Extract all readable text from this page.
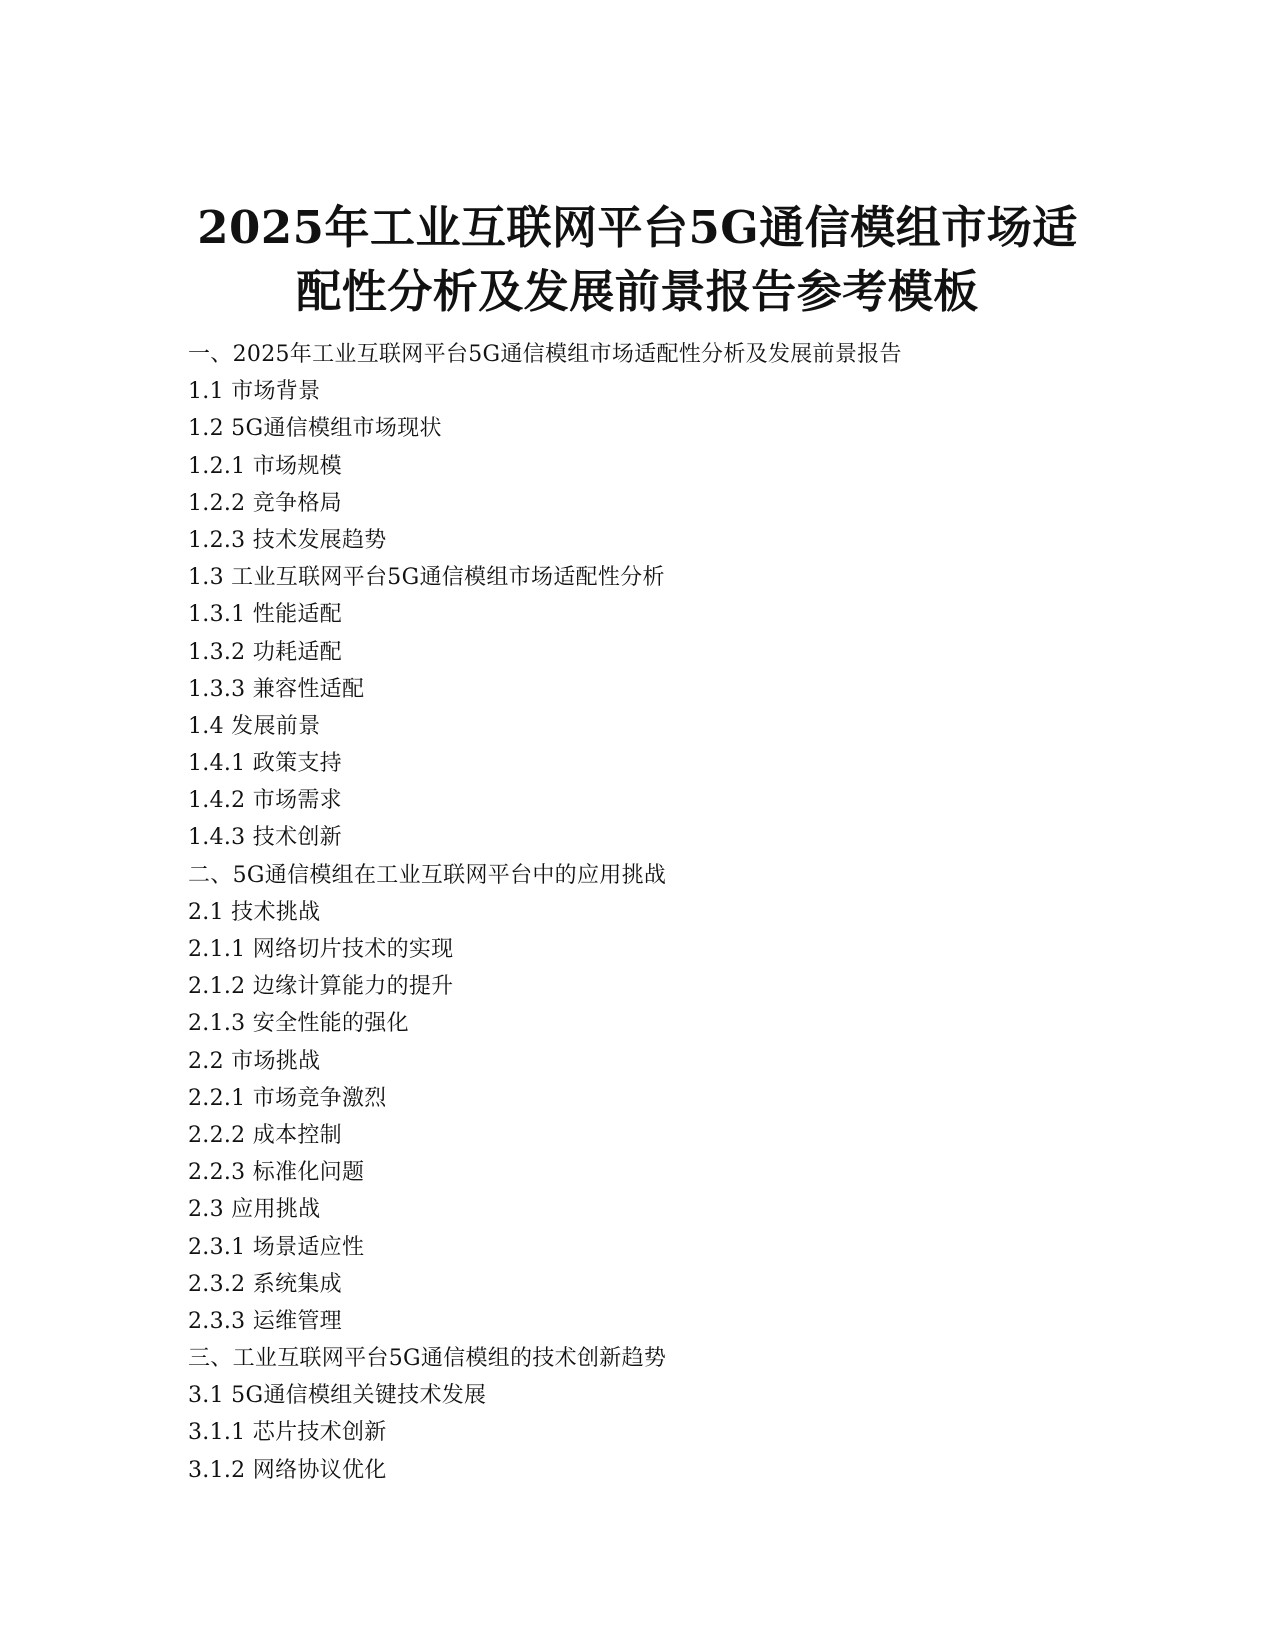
2025年工业互联网平台5G通信模组市场适
配性分析及发展前景报告参考模板
一、2025年工业互联网平台5G通信模组市场适配性分析及发展前景报告
1.1 市场背景
1.2 5G通信模组市场现状
1.2.1 市场规模
1.2.2 竞争格局
1.2.3 技术发展趋势
1.3 工业互联网平台5G通信模组市场适配性分析
1.3.1 性能适配
1.3.2 功耗适配
1.3.3 兼容性适配
1.4 发展前景
1.4.1 政策支持
1.4.2 市场需求
1.4.3 技术创新
二、5G通信模组在工业互联网平台中的应用挑战
2.1 技术挑战
2.1.1 网络切片技术的实现
2.1.2 边缘计算能力的提升
2.1.3 安全性能的强化
2.2 市场挑战
2.2.1 市场竞争激烈
2.2.2 成本控制
2.2.3 标准化问题
2.3 应用挑战
2.3.1 场景适应性
2.3.2 系统集成
2.3.3 运维管理
三、工业互联网平台5G通信模组的技术创新趋势
3.1 5G通信模组关键技术发展
3.1.1 芯片技术创新
3.1.2 网络协议优化
